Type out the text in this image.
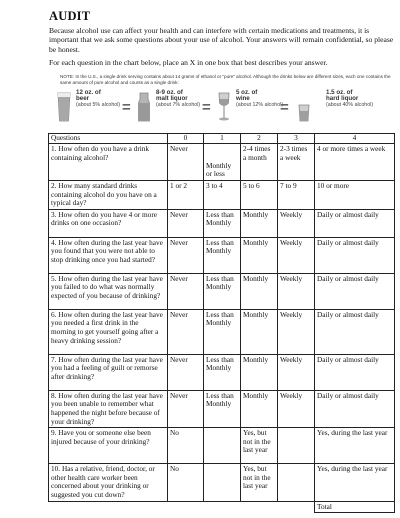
AUDIT
Because alcohol use can affect your health and can interfere with certain medications and treatments, it is important that we ask some questions about your use of alcohol. Your answers will remain confidential, so please be honest.
For each question in the chart below, place an X in one box that best describes your answer.
NOTE: In the U.S., a single drink serving contains about 14 grams of ethanol or "pure" alcohol. Although the drinks below are different sizes, each one contains the same amount of pure alcohol and counts as a single drink:
12 oz. of
beer
(about 5% alcohol) =
8-9 oz. of
malt liquor
(about 7% alcohol) =
5 oz. of
wine
(about 12% alcohol)
=
1.5 oz. of
hard liquor
(about 40% alcohol)
Questions	0	1	2	3	4
1. How often do you have a drink containing alcohol?	Never	Monthly or less	2-4 times a month	2-3 times a week	4 or more times a week
2. How many standard drinks containing alcohol do you have on a typical day?	1 or 2	3 to 4	5 to 6	7 to 9	10 or more
3. How often do you have 4 or more drinks on one occasion?	Never	Less than Monthly	Monthly	Weekly	Daily or almost daily
4. How often during the last year have you found that you were not able to stop drinking once you had started?	Never	Less than Monthly	Monthly	Weekly	Daily or almost daily
5. How often during the last year have you failed to do what was normally expected of you because of drinking?	Never	Less than Monthly	Monthly	Weekly	Daily or almost daily
6. How often during the last year have you needed a first drink in the morning to get yourself going after a heavy drinking session?	Never	Less than Monthly	Monthly	Weekly	Daily or almost daily
7. How often during the last year have you had a feeling of guilt or remorse after drinking?	Never	Less than Monthly	Monthly	Weekly	Daily or almost daily
8. How often during the last year have you been unable to remember what happened the night before because of your drinking?	Never	Less than Monthly	Monthly	Weekly	Daily or almost daily
9. Have you or someone else been injured because of your drinking?	No		Yes, but not in the last year		Yes, during the last year
10. Has a relative, friend, doctor, or other health care worker been concerned about your drinking or suggested you cut down?	No		Yes, but not in the last year		Yes, during the last year
					Total
